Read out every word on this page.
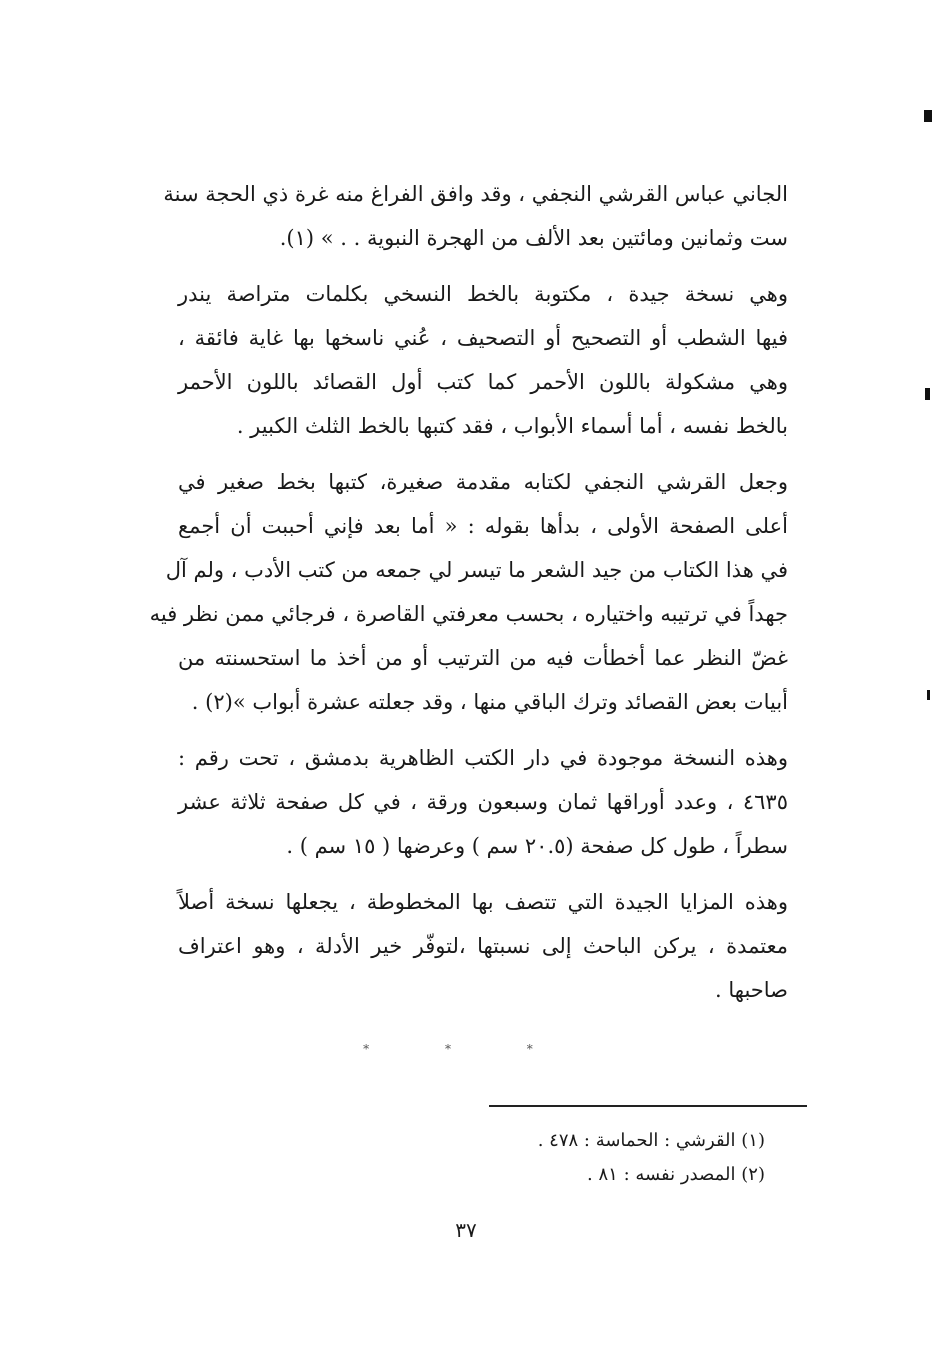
الجاني عباس القرشي النجفي ، وقد وافق الفراغ منه غرة ذي الحجة سنة
ست وثمانين ومائتين بعد الألف من الهجرة النبوية . . » (١).
وهي نسخة جيدة ، مكتوبة بالخط النسخي بكلمات متراصة يندر
فيها الشطب أو التصحيح أو التصحيف ، عُني ناسخها بها غاية فائقة ،
وهي مشكولة باللون الأحمر كما كتب أول القصائد باللون الأحمر
بالخط نفسه ، أما أسماء الأبواب ، فقد كتبها بالخط الثلث الكبير .
وجعل القرشي النجفي لكتابه مقدمة صغيرة، كتبها بخط صغير في
أعلى الصفحة الأولى ، بدأها بقوله : « أما بعد فإني أحببت أن أجمع
في هذا الكتاب من جيد الشعر ما تيسر لي جمعه من كتب الأدب ، ولم آل
جهداً في ترتيبه واختياره ، بحسب معرفتي القاصرة ، فرجائي ممن نظر فيه
غضّ النظر عما أخطأت فيه من الترتيب أو من أخذ ما استحسنته من
أبيات بعض القصائد وترك الباقي منها ، وقد جعلته عشرة أبواب »(٢) .
وهذه النسخة موجودة في دار الكتب الظاهرية بدمشق ، تحت رقم :
٤٦٣٥ ، وعدد أوراقها ثمان وسبعون ورقة ، في كل صفحة ثلاثة عشر
سطراً ، طول كل صفحة (٢٠.٥ سم ) وعرضها ( ١٥ سم ) .
وهذه المزايا الجيدة التي تتصف بها المخطوطة ، يجعلها نسخة أصلاً
معتمدة ، يركن الباحث إلى نسبتها ،لتوفّر خير الأدلة ، وهو اعتراف
صاحبها .
* * *
(١) القرشي : الحماسة : ٤٧٨ .
(٢) المصدر نفسه : ٨١ .
٣٧
